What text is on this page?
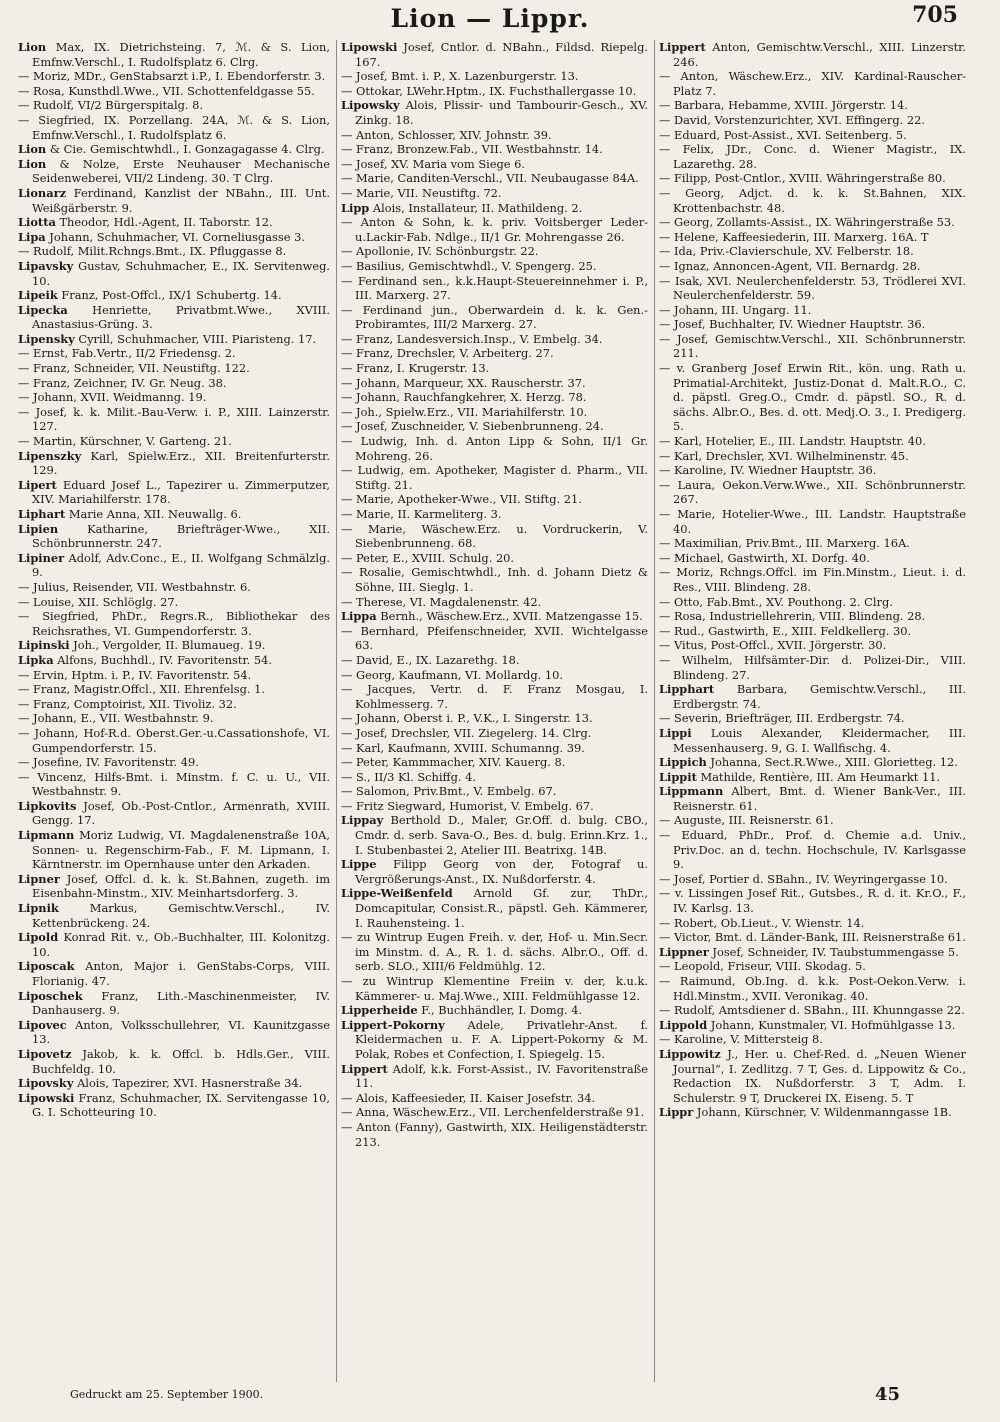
Lion — Lippr.	705
Lion Max, IX. Dietrichsteing. 7, ℳ. & S. Lion, Emfnw.Verschl., I. Rudolfsplatz 6. Clrg.
— Moriz, MDr., GenStabsarzt i.P., I. Ebendorferstr. 3.
— Rosa, Kunsthdl.Wwe., VII. Schottenfeldgasse 55.
— Rudolf, VI/2 Bürgerspitalg. 8.
— Siegfried, IX. Porzellang. 24A, ℳ. & S. Lion, Emfnw.Verschl., I. Rudolfsplatz 6.
Lion & Cie. Gemischtwhdl., I. Gonzagagasse 4. Clrg.
Lion & Nolze, Erste Neuhauser Mechanische Seidenweberei, VII/2 Lindeng. 30. T Clrg.
Lionarz Ferdinand, Kanzlist der NBahn., III. Unt. Weißgärberstr. 9.
Liotta Theodor, Hdl.-Agent, II. Taborstr. 12.
Lipa Johann, Schuhmacher, VI. Corneliusgasse 3.
— Rudolf, Milit.Rchngs.Bmt., IX. Pfluggasse 8.
Lipavsky Gustav, Schuhmacher, E., IX. Servitenweg. 10.
Lipeik Franz, Post-Offcl., IX/1 Schubertg. 14.
Lipecka Henriette, Privatbmt.Wwe., XVIII. Anastasius-Grüng. 3.
Lipensky Cyrill, Schuhmacher, VIII. Piaristeng. 17.
— Ernst, Fab.Vertr., II/2 Friedensg. 2.
— Franz, Schneider, VII. Neustiftg. 122.
— Franz, Zeichner, IV. Gr. Neug. 38.
— Johann, XVII. Weidmanng. 19.
— Josef, k. k. Milit.-Bau-Verw. i. P., XIII. Lainzerstr. 127.
— Martin, Kürschner, V. Garteng. 21.
Lipenszky Karl, Spielw.Erz., XII. Breitenfurterstr. 129.
Lipert Eduard Josef L., Tapezirer u. Zimmerputzer, XIV. Mariahilferstr. 178.
Liphart Marie Anna, XII. Neuwallg. 6.
Lipien Katharine, Briefträger-Wwe., XII. Schönbrunnerstr. 247.
Lipiner Adolf, Adv.Conc., E., II. Wolfgang Schmälzlg. 9.
— Julius, Reisender, VII. Westbahnstr. 6.
— Louise, XII. Schlöglg. 27.
— Siegfried, PhDr., Regrs.R., Bibliothekar des Reichsrathes, VI. Gumpendorferstr. 3.
Lipinski Joh., Vergolder, II. Blumaueg. 19.
Lipka Alfons, Buchhdl., IV. Favoritenstr. 54.
— Ervin, Hptm. i. P., IV. Favoritenstr. 54.
— Franz, Magistr.Offcl., XII. Ehrenfelsg. 1.
— Franz, Comptoirist, XII. Tivoliz. 32.
— Johann, E., VII. Westbahnstr. 9.
— Johann, Hof-R.d. Oberst.Ger.-u.Cassationshofe, VI. Gumpendorferstr. 15.
— Josefine, IV. Favoritenstr. 49.
— Vincenz, Hilfs-Bmt. i. Minstm. f. C. u. U., VII. Westbahnstr. 9.
Lipkovits Josef, Ob.-Post-Cntlor., Armenrath, XVIII. Gengg. 17.
Lipmann Moriz Ludwig, VI. Magdalenenstraße 10A, Sonnen- u. Regenschirm-Fab., F. M. Lipmann, I. Kärntnerstr. im Opernhause unter den Arkaden.
Lipner Josef, Offcl. d. k. k. St.Bahnen, zugeth. im Eisenbahn-Minstm., XIV. Meinhartsdorferg. 3.
Lipnik Markus, Gemischtw.Verschl., IV. Kettenbrückeng. 24.
Lipold Konrad Rit. v., Ob.-Buchhalter, III. Kolonitzg. 10.
Liposcak Anton, Major i. GenStabs-Corps, VIII. Florianig. 47.
Liposchek Franz, Lith.-Maschinenmeister, IV. Danhauserg. 9.
Lipovec Anton, Volksschullehrer, VI. Kaunitzgasse 13.
Lipovetz Jakob, k. k. Offcl. b. Hdls.Ger., VIII. Buchfeldg. 10.
Lipovsky Alois, Tapezirer, XVI. Hasnerstraße 34.
Lipowski Franz, Schuhmacher, IX. Servitengasse 10, G. I. Schotteuring 10.
Lipowski Josef, Cntlor. d. NBahn., Fildsd. Riepelg. 167.
— Josef, Bmt. i. P., X. Lazenburgerstr. 13.
— Ottokar, LWehr.Hptm., IX. Fuchsthallergasse 10.
Lipowsky Alois, Plissir- und Tambourir-Gesch., XV. Zinkg. 18.
— Anton, Schlosser, XIV. Johnstr. 39.
— Franz, Bronzew.Fab., VII. Westbahnstr. 14.
— Josef, XV. Maria vom Siege 6.
— Marie, Canditen-Verschl., VII. Neubaugasse 84A.
— Marie, VII. Neustiftg. 72.
Lipp Alois, Installateur, II. Mathildeng. 2.
— Anton & Sohn, k. k. priv. Voitsberger Leder-u.Lackir-Fab. Ndlge., II/1 Gr. Mohrengasse 26.
— Apollonie, IV. Schönburgstr. 22.
— Basilius, Gemischtwhdl., V. Spengerg. 25.
— Ferdinand sen., k.k.Haupt-Steuereinnehmer i. P., III. Marxerg. 27.
— Ferdinand jun., Oberwardein d. k. k. Gen.-Probiramtes, III/2 Marxerg. 27.
— Franz, Landesversich.Insp., V. Embelg. 34.
— Franz, Drechsler, V. Arbeiterg. 27.
— Franz, I. Krugerstr. 13.
— Johann, Marqueur, XX. Rauscherstr. 37.
— Johann, Rauchfangkehrer, X. Herzg. 78.
— Joh., Spielw.Erz., VII. Mariahilferstr. 10.
— Josef, Zuschneider, V. Siebenbrunneng. 24.
— Ludwig, Inh. d. Anton Lipp & Sohn, II/1 Gr. Mohreng. 26.
— Ludwig, em. Apotheker, Magister d. Pharm., VII. Stiftg. 21.
— Marie, Apotheker-Wwe., VII. Stiftg. 21.
— Marie, II. Karmeliterg. 3.
— Marie, Wäschew.Erz. u. Vordruckerin, V. Siebenbrunneng. 68.
— Peter, E., XVIII. Schulg. 20.
— Rosalie, Gemischtwhdl., Inh. d. Johann Dietz & Söhne, III. Sieglg. 1.
— Therese, VI. Magdalenenstr. 42.
Lippa Bernh., Wäschew.Erz., XVII. Matzengasse 15.
— Bernhard, Pfeifenschneider, XVII. Wichtelgasse 63.
— David, E., IX. Lazarethg. 18.
— Georg, Kaufmann, VI. Mollardg. 10.
— Jacques, Vertr. d. F. Franz Mosgau, I. Kohlmesserg. 7.
— Johann, Oberst i. P., V.K., I. Singerstr. 13.
— Josef, Drechsler, VII. Ziegelerg. 14. Clrg.
— Karl, Kaufmann, XVIII. Schumanng. 39.
— Peter, Kammmacher, XIV. Kauerg. 8.
— S., II/3 Kl. Schiffg. 4.
— Salomon, Priv.Bmt., V. Embelg. 67.
— Fritz Siegward, Humorist, V. Embelg. 67.
Lippay Berthold D., Maler, Gr.Off. d. bulg. CBO., Cmdr. d. serb. Sava-O., Bes. d. bulg. Erinn.Krz. 1., I. Stubenbastei 2, Atelier III. Beatrixg. 14B.
Lippe Filipp Georg von der, Fotograf u. Vergrößerungs-Anst., IX. Nußdorferstr. 4.
Lippe-Weißenfeld Arnold Gf. zur, ThDr., Domcapitular, Consist.R., päpstl. Geh. Kämmerer, I. Rauhensteing. 1.
— zu Wintrup Eugen Freih. v. der, Hof- u. Min.Secr. im Minstm. d. A., R. 1. d. sächs. Albr.O., Off. d. serb. SLO., XIII/6 Feldmühlg. 12.
— zu Wintrup Klementine Freiin v. der, k.u.k. Kämmerer- u. Maj.Wwe., XIII. Feldmühlgasse 12.
Lipperheide F., Buchhändler, I. Domg. 4.
Lippert-Pokorny Adele, Privatlehr-Anst. f. Kleidermachen u. F. A. Lippert-Pokorny & M. Polak, Robes et Confection, I. Spiegelg. 15.
Lippert Adolf, k.k. Forst-Assist., IV. Favoritenstraße 11.
— Alois, Kaffeesieder, II. Kaiser Josefstr. 34.
— Anna, Wäschew.Erz., VII. Lerchenfelderstraße 91.
— Anton (Fanny), Gastwirth, XIX. Heiligenstädterstr. 213.
Lippert Anton, Gemischtw.Verschl., XIII. Linzerstr. 246.
— Anton, Wäschew.Erz., XIV. Kardinal-Rauscher-Platz 7.
— Barbara, Hebamme, XVIII. Jörgerstr. 14.
— David, Vorstenzurichter, XVI. Effingerg. 22.
— Eduard, Post-Assist., XVI. Seitenberg. 5.
— Felix, JDr., Conc. d. Wiener Magistr., IX. Lazarethg. 28.
— Filipp, Post-Cntlor., XVIII. Währingerstraße 80.
— Georg, Adjct. d. k. k. St.Bahnen, XIX. Krottenbachstr. 48.
— Georg, Zollamts-Assist., IX. Währingerstraße 53.
— Helene, Kaffeesiederin, III. Marxerg. 16A. T
— Ida, Priv.-Clavierschule, XV. Felberstr. 18.
— Ignaz, Annoncen-Agent, VII. Bernardg. 28.
— Isak, XVI. Neulerchenfelderstr. 53, Trödlerei XVI. Neulerchenfelderstr. 59.
— Johann, III. Ungarg. 11.
— Josef, Buchhalter, IV. Wiedner Hauptstr. 36.
— Josef, Gemischtw.Verschl., XII. Schönbrunnerstr. 211.
— v. Granberg Josef Erwin Rit., kön. ung. Rath u. Primatial-Architekt, Justiz-Donat d. Malt.R.O., C. d. päpstl. Greg.O., Cmdr. d. päpstl. SO., R. d. sächs. Albr.O., Bes. d. ott. Medj.O. 3., I. Predigerg. 5.
— Karl, Hotelier, E., III. Landstr. Hauptstr. 40.
— Karl, Drechsler, XVI. Wilhelminenstr. 45.
— Karoline, IV. Wiedner Hauptstr. 36.
— Laura, Oekon.Verw.Wwe., XII. Schönbrunnerstr. 267.
— Marie, Hotelier-Wwe., III. Landstr. Hauptstraße 40.
— Maximilian, Priv.Bmt., III. Marxerg. 16A.
— Michael, Gastwirth, XI. Dorfg. 40.
— Moriz, Rchngs.Offcl. im Fin.Minstm., Lieut. i. d. Res., VIII. Blindeng. 28.
— Otto, Fab.Bmt., XV. Pouthong. 2. Clrg.
— Rosa, Industriellehrerin, VIII. Blindeng. 28.
— Rud., Gastwirth, E., XIII. Feldkellerg. 30.
— Vitus, Post-Offcl., XVII. Jörgerstr. 30.
— Wilhelm, Hilfsämter-Dir. d. Polizei-Dir., VIII. Blindeng. 27.
Lipphart Barbara, Gemischtw.Verschl., III. Erdbergstr. 74.
— Severin, Briefträger, III. Erdbergstr. 74.
Lippi Louis Alexander, Kleidermacher, III. Messenhauserg. 9, G. I. Wallfischg. 4.
Lippich Johanna, Sect.R.Wwe., XIII. Glorietteg. 12.
Lippit Mathilde, Rentière, III. Am Heumarkt 11.
Lippmann Albert, Bmt. d. Wiener Bank-Ver., III. Reisnerstr. 61.
— Auguste, III. Reisnerstr. 61.
— Eduard, PhDr., Prof. d. Chemie a.d. Univ., Priv.Doc. an d. techn. Hochschule, IV. Karlsgasse 9.
— Josef, Portier d. SBahn., IV. Weyringergasse 10.
— v. Lissingen Josef Rit., Gutsbes., R. d. it. Kr.O., F., IV. Karlsg. 13.
— Robert, Ob.Lieut., V. Wienstr. 14.
— Victor, Bmt. d. Länder-Bank, III. Reisnerstraße 61.
Lippner Josef, Schneider, IV. Taubstummengasse 5.
— Leopold, Friseur, VIII. Skodag. 5.
— Raimund, Ob.Ing. d. k.k. Post-Oekon.Verw. i. Hdl.Minstm., XVII. Veronikag. 40.
— Rudolf, Amtsdiener d. SBahn., III. Khunngasse 22.
Lippold Johann, Kunstmaler, VI. Hofmühlgasse 13.
— Karoline, V. Mittersteig 8.
Lippowitz J., Her. u. Chef-Red. d. „Neuen Wiener Journal“, I. Zedlitzg. 7 T, Ges. d. Lippowitz & Co., Redaction IX. Nußdorferstr. 3 T, Adm. I. Schulerstr. 9 T, Druckerei IX. Eiseng. 5. T
Lippr Johann, Kürschner, V. Wildenmanngasse 1B.
Gedruckt am 25. September 1900.	45
